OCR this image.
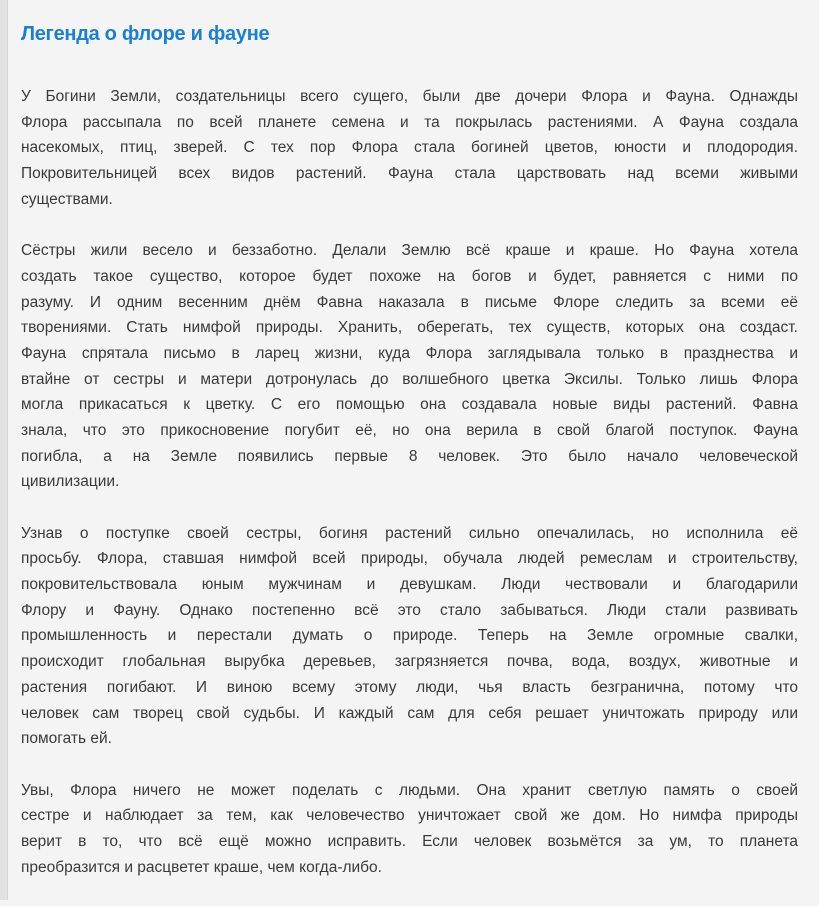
Легенда о флоре и фауне

У Богини Земли, создательницы всего сущего, были две дочери Флора и Фауна. Однажды
Флора рассыпала по всей планете семена и та покрылась растениями. А Фауна создала
насекомых, птиц, зверей. С тех пор Флора стала богиней цветов, юности и плодородия.
Покровительницей всех видов растений. Фауна стала царствовать над всеми живыми
существами.

Сёстры жили весело и беззаботно. Делали Землю всё краше и краше. Но Фауна хотела
создать такое существо, которое будет похоже на богов и будет, равняется с ними по
разуму. И одним весенним днём Фавна наказала в письме Флоре следить за всеми её
творениями. Стать нимфой природы. Хранить, оберегать, тех существ, которых она создаст.
Фауна спрятала письмо в ларец жизни, куда Флора заглядывала только в празднества и
втайне от сестры и матери дотронулась до волшебного цветка Эксилы. Только лишь Флора
могла прикасаться к цветку. С его помощью она создавала новые виды растений. Фавна
знала, что это прикосновение погубит её, но она верила в свой благой поступок. Фауна
погибла, а на Земле появились первые 8 человек. Это было начало человеческой
цивилизации.

Узнав о поступке своей сестры, богиня растений сильно опечалилась, но исполнила её
просьбу. Флора, ставшая нимфой всей природы, обучала людей ремеслам и строительству,
покровительствовала юным мужчинам и девушкам. Люди чествовали и благодарили
Флору и Фауну. Однако постепенно всё это стало забываться. Люди стали развивать
промышленность и перестали думать о природе. Теперь на Земле огромные свалки,
происходит глобальная вырубка деревьев, загрязняется почва, вода, воздух, животные и
растения погибают. И виною всему этому люди, чья власть безгранична, потому что
человек сам творец свой судьбы. И каждый сам для себя решает уничтожать природу или
помогать ей.

Увы, Флора ничего не может поделать с людьми. Она хранит светлую память о своей
сестре и наблюдает за тем, как человечество уничтожает свой же дом. Но нимфа природы
верит в то, что всё ещё можно исправить. Если человек возьмётся за ум, то планета
преобразится и расцветет краше, чем когда-либо.
